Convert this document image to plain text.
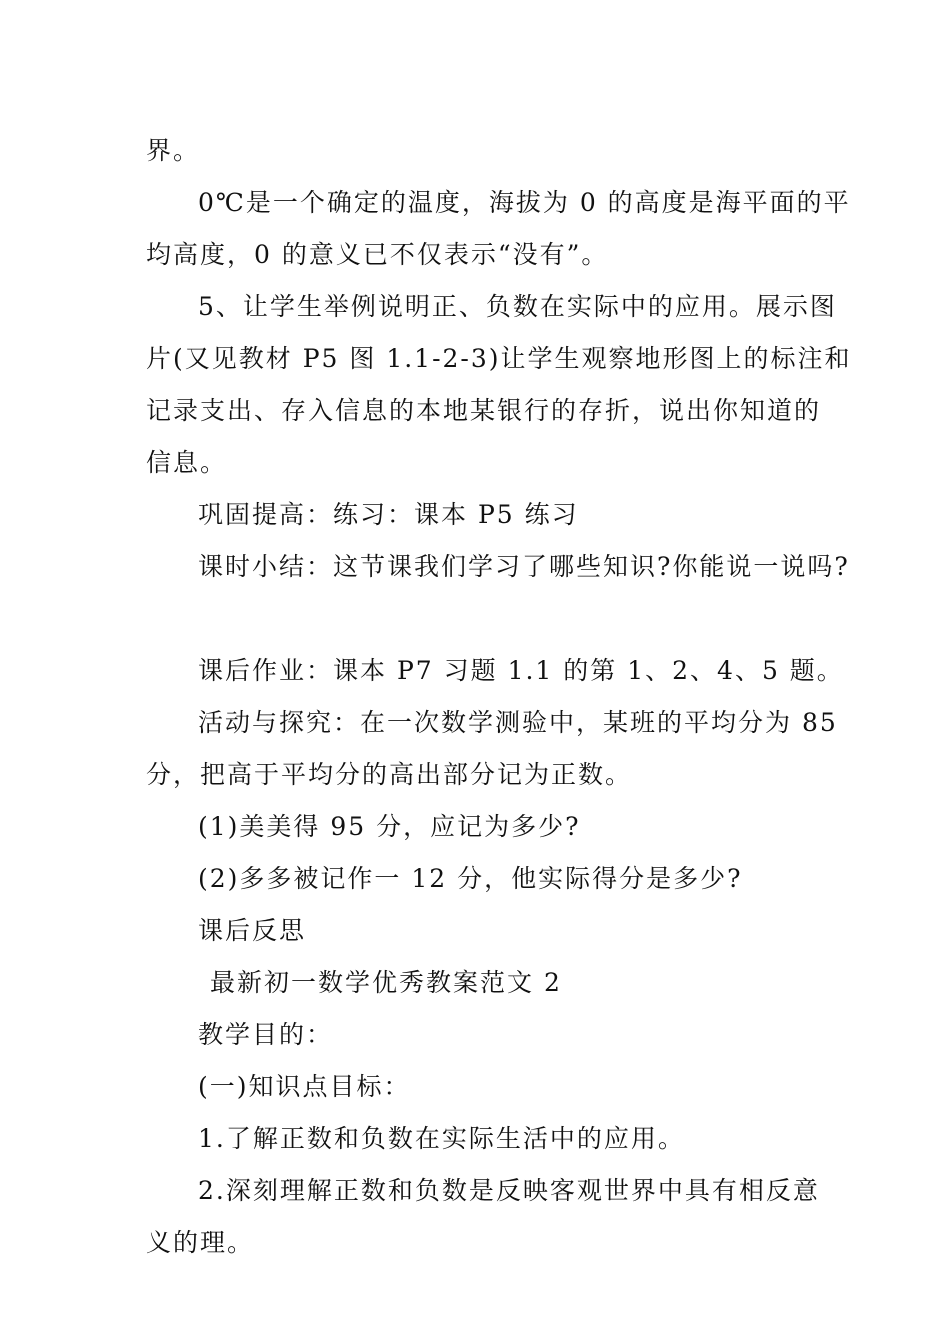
界。
0℃是一个确定的温度，海拔为 0 的高度是海平面的平
均高度，0 的意义已不仅表示“没有”。
5、让学生举例说明正、负数在实际中的应用。展示图
片(又见教材 P5 图 1.1-2-3)让学生观察地形图上的标注和
记录支出、存入信息的本地某银行的存折，说出你知道的
信息。
巩固提高：练习：课本 P5 练习
课时小结：这节课我们学习了哪些知识?你能说一说吗?
课后作业：课本 P7 习题 1.1 的第 1、2、4、5 题。
活动与探究：在一次数学测验中，某班的平均分为 85
分，把高于平均分的高出部分记为正数。
(1)美美得 95 分，应记为多少?
(2)多多被记作一 12 分，他实际得分是多少?
课后反思
最新初一数学优秀教案范文 2
教学目的：
(一)知识点目标：
1.了解正数和负数在实际生活中的应用。
2.深刻理解正数和负数是反映客观世界中具有相反意
义的理。
